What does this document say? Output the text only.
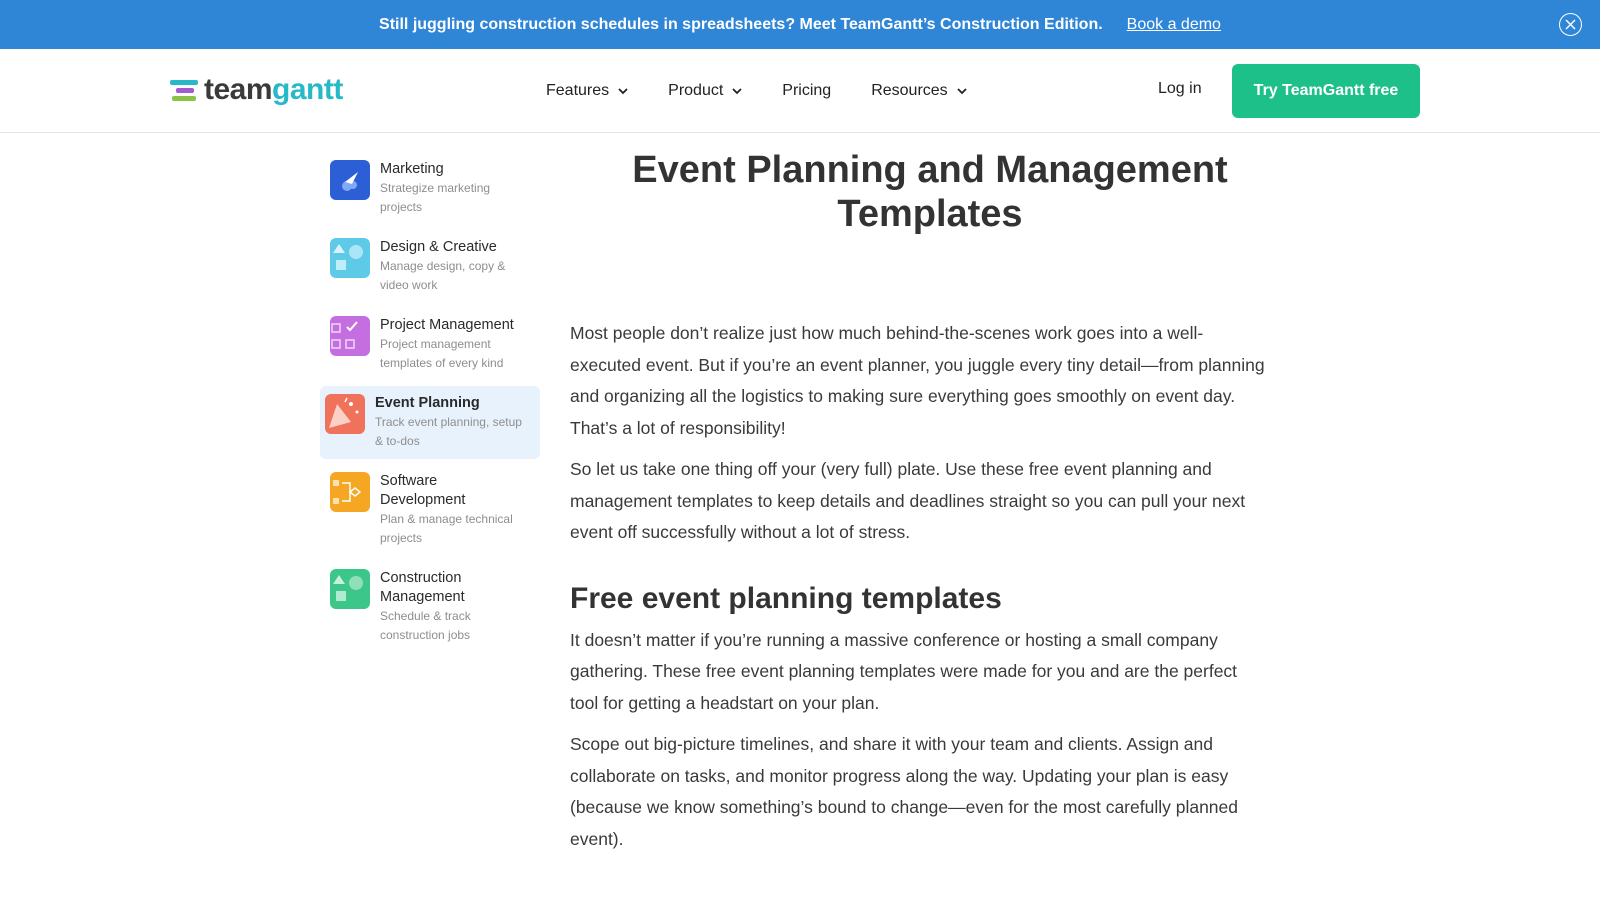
Still juggling construction schedules in spreadsheets? Meet TeamGantt’s Construction Edition. Book a demo
teamgantt	Features	Product	Pricing	Resources	Log in	Try TeamGantt free
Marketing
Strategize marketing projects
Design & Creative
Manage design, copy & video work
Project Management
Project management templates of every kind
Event Planning
Track event planning, setup & to-dos
Software Development
Plan & manage technical projects
Construction Management
Schedule & track construction jobs
Event Planning and Management Templates

Most people don’t realize just how much behind-the-scenes work goes into a well-executed event. But if you’re an event planner, you juggle every tiny detail—from planning and organizing all the logistics to making sure everything goes smoothly on event day. That’s a lot of responsibility!

So let us take one thing off your (very full) plate. Use these free event planning and management templates to keep details and deadlines straight so you can pull your next event off successfully without a lot of stress.

Free event planning templates

It doesn’t matter if you’re running a massive conference or hosting a small company gathering. These free event planning templates were made for you and are the perfect tool for getting a headstart on your plan.

Scope out big-picture timelines, and share it with your team and clients. Assign and collaborate on tasks, and monitor progress along the way. Updating your plan is easy (because we know something’s bound to change—even for the most carefully planned event).
